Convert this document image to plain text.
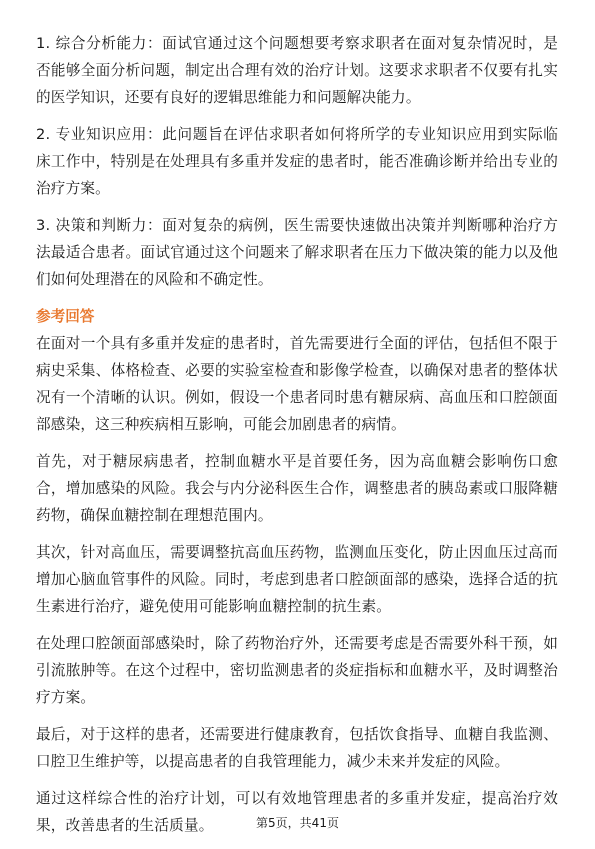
1. 综合分析能力：面试官通过这个问题想要考察求职者在面对复杂情况时，是否能够全面分析问题，制定出合理有效的治疗计划。这要求求职者不仅要有扎实的医学知识，还要有良好的逻辑思维能力和问题解决能力。

2. 专业知识应用：此问题旨在评估求职者如何将所学的专业知识应用到实际临床工作中，特别是在处理具有多重并发症的患者时，能否准确诊断并给出专业的治疗方案。

3. 决策和判断力：面对复杂的病例，医生需要快速做出决策并判断哪种治疗方法最适合患者。面试官通过这个问题来了解求职者在压力下做决策的能力以及他们如何处理潜在的风险和不确定性。

参考回答

在面对一个具有多重并发症的患者时，首先需要进行全面的评估，包括但不限于病史采集、体格检查、必要的实验室检查和影像学检查，以确保对患者的整体状况有一个清晰的认识。例如，假设一个患者同时患有糖尿病、高血压和口腔颌面部感染，这三种疾病相互影响，可能会加剧患者的病情。

首先，对于糖尿病患者，控制血糖水平是首要任务，因为高血糖会影响伤口愈合，增加感染的风险。我会与内分泌科医生合作，调整患者的胰岛素或口服降糖药物，确保血糖控制在理想范围内。

其次，针对高血压，需要调整抗高血压药物，监测血压变化，防止因血压过高而增加心脑血管事件的风险。同时，考虑到患者口腔颌面部的感染，选择合适的抗生素进行治疗，避免使用可能影响血糖控制的抗生素。

在处理口腔颌面部感染时，除了药物治疗外，还需要考虑是否需要外科干预，如引流脓肿等。在这个过程中，密切监测患者的炎症指标和血糖水平，及时调整治疗方案。

最后，对于这样的患者，还需要进行健康教育，包括饮食指导、血糖自我监测、口腔卫生维护等，以提高患者的自我管理能力，减少未来并发症的风险。

通过这样综合性的治疗计划，可以有效地管理患者的多重并发症，提高治疗效果，改善患者的生活质量。	第5页，共41页
